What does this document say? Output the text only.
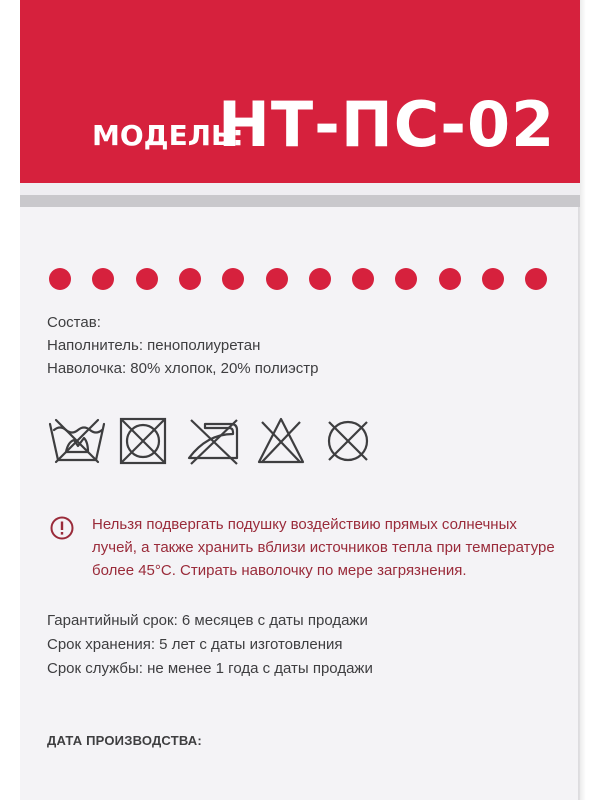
МОДЕЛЬ:
НТ-ПС-02
Состав:
Наполнитель: пенополиуретан
Наволочка: 80% хлопок, 20% полиэстр
Нельзя подвергать подушку воздействию прямых солнечных
лучей, а также хранить вблизи источников тепла при температуре
более 45°С. Стирать наволочку по мере загрязнения.
Гарантийный срок: 6 месяцев с даты продажи
Срок хранения: 5 лет с даты изготовления
Срок службы: не менее 1 года с даты продажи
ДАТА ПРОИЗВОДСТВА:
